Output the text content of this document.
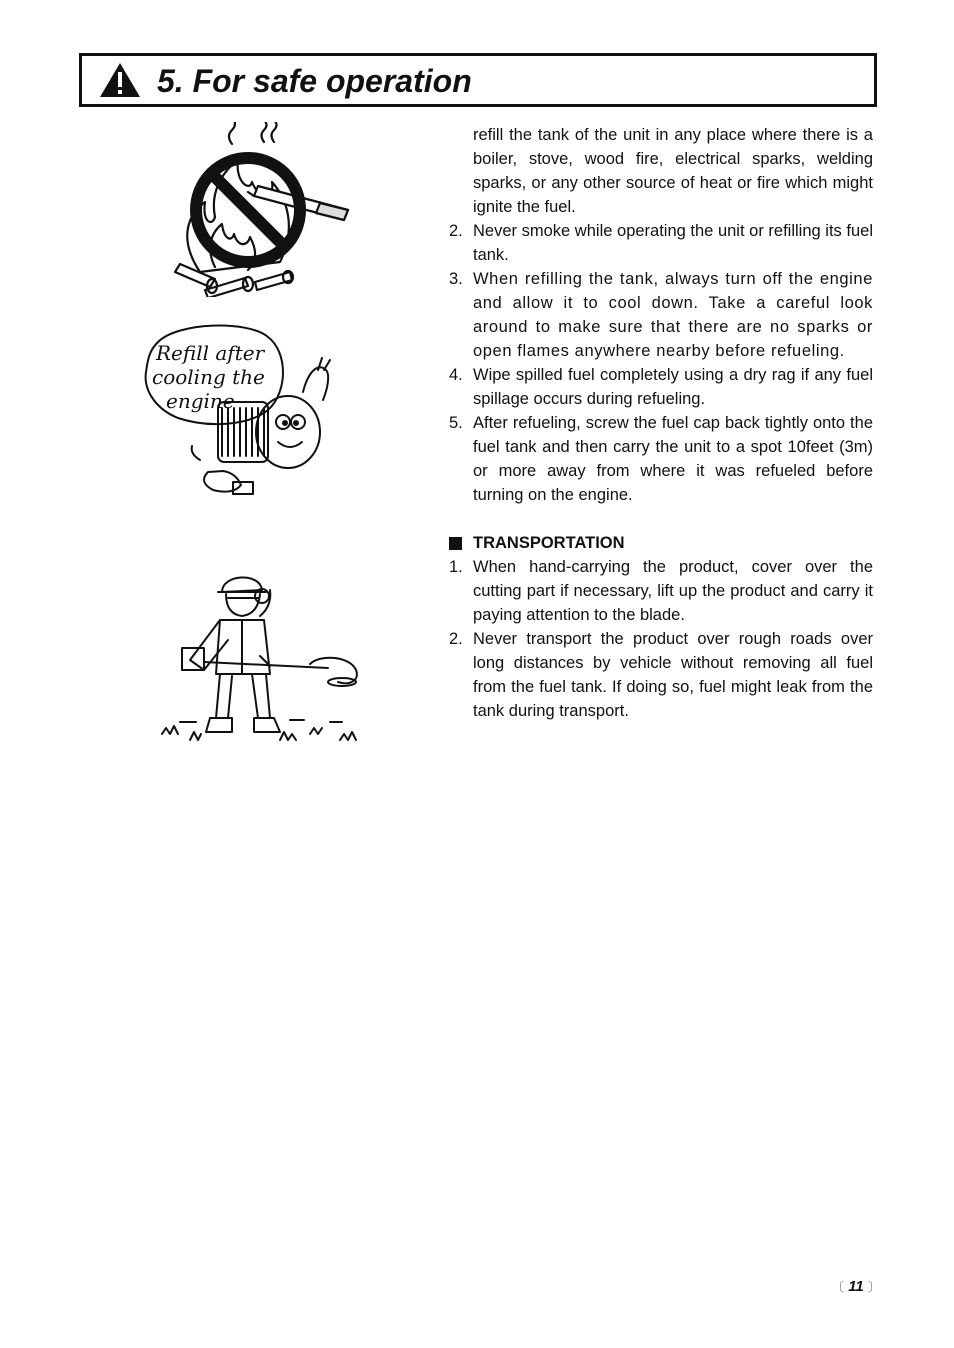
5. For safe operation
Refill after
cooling the
engine

refill the tank of the unit in any place where there is a boiler, stove, wood fire, electrical sparks, welding sparks, or any other source of heat or fire which might ignite the fuel.

2. Never smoke while operating the unit or refilling its fuel tank.
3. When refilling the tank, always turn off the engine and allow it to cool down. Take a careful look around to make sure that there are no sparks or open flames anywhere nearby before refueling.
4. Wipe spilled fuel completely using a dry rag if any fuel spillage occurs during refueling.
5. After refueling, screw the fuel cap back tightly onto the fuel tank and then carry the unit to a spot 10feet (3m) or more away from where it was refueled before turning on the engine.
TRANSPORTATION
1. When hand-carrying the product, cover over the cutting part if necessary, lift up the product and carry it paying attention to the blade.
2. Never transport the product over rough roads over long distances by vehicle without removing all fuel from the fuel tank. If doing so, fuel might leak from the tank during transport.
〔 11 〕
